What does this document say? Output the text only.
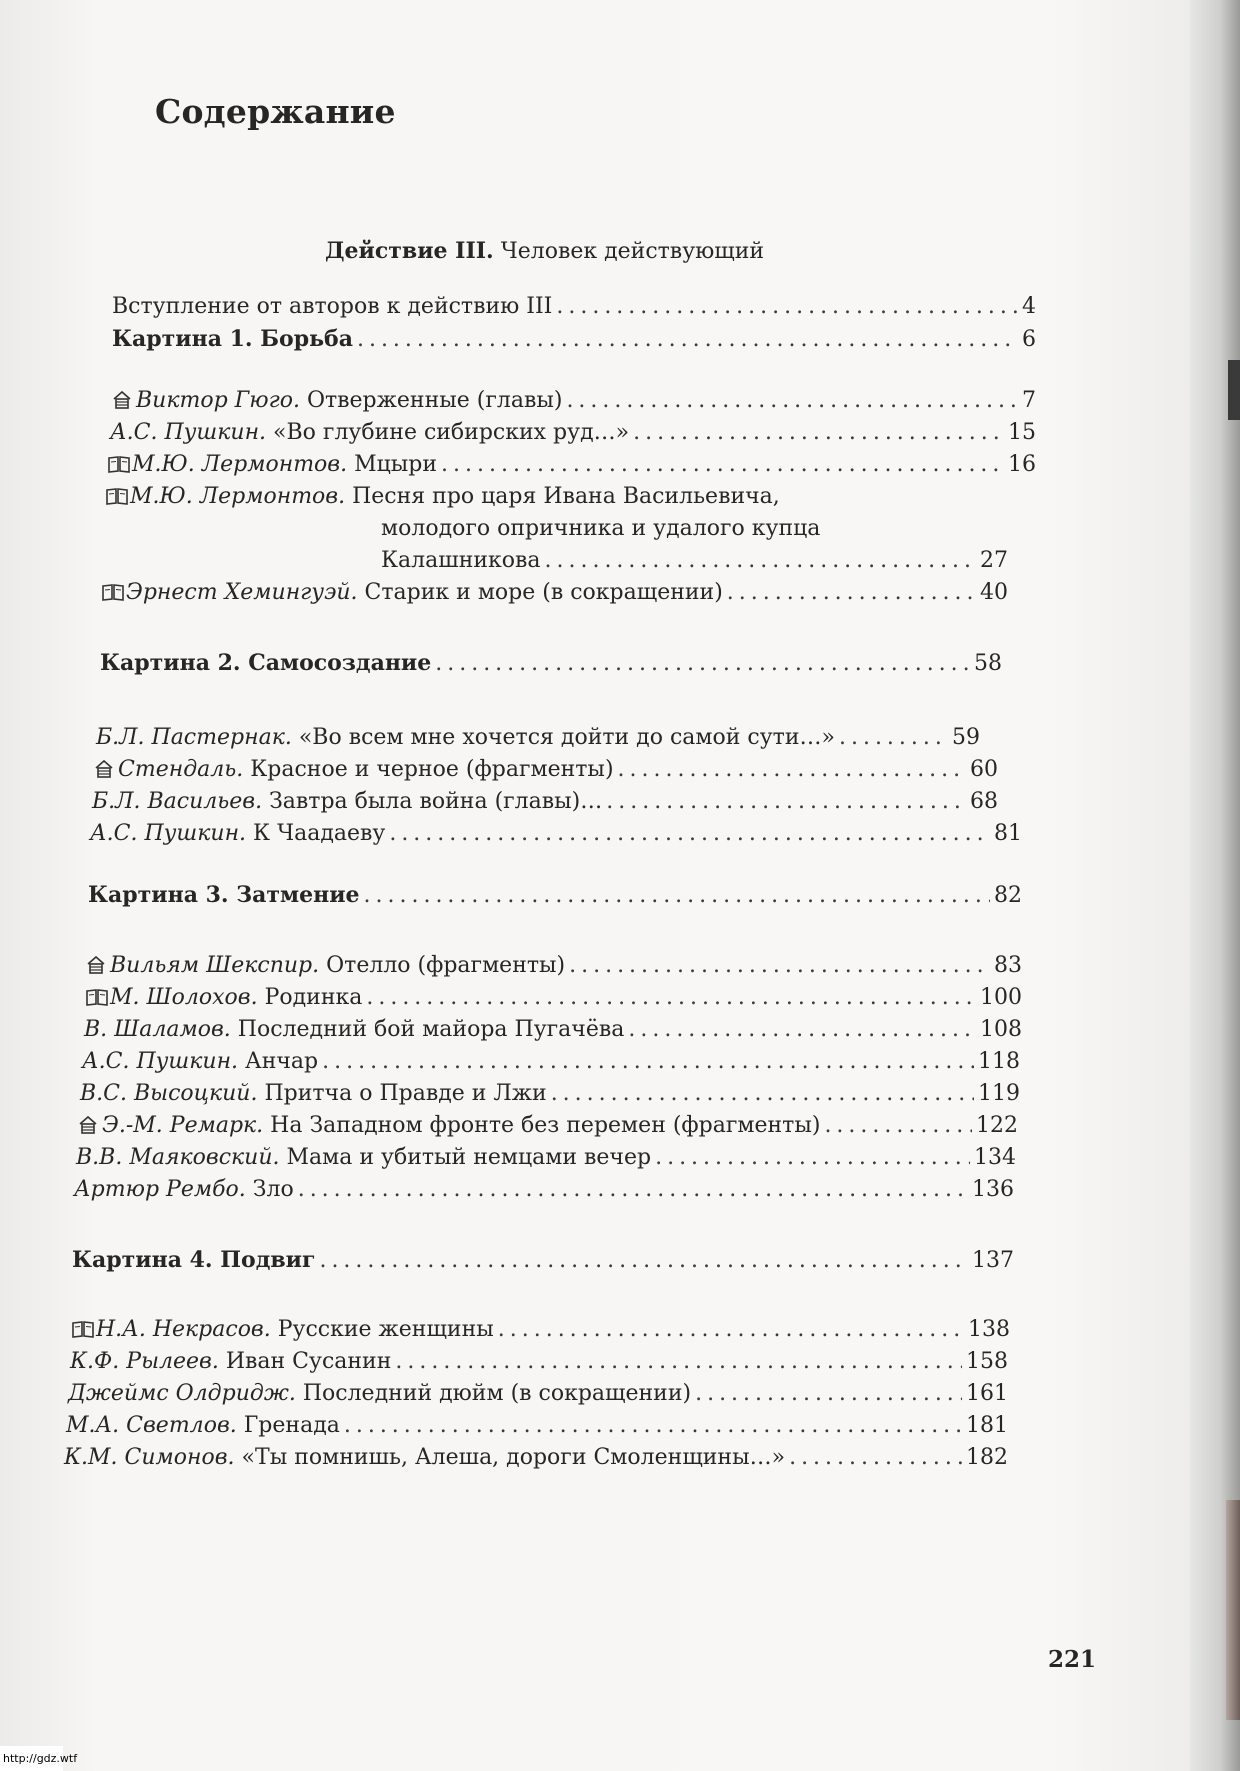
Содержание
Действие III. Человек действующий
Вступление от авторов к действию III . . .	4
Картина 1. Борьба . . .	6
Виктор Гюго. Отверженные (главы) . . .	7
А.С. Пушкин. «Во глубине сибирских руд…» . . .	15
М.Ю. Лермонтов. Мцыри . . .	16
М.Ю. Лермонтов. Песня про царя Ивана Васильевича,
молодого опричника и удалого купца
Калашникова . . .	27
Эрнест Хемингуэй. Старик и море (в сокращении) . . .	40
Картина 2. Самосоздание . . .	58
Б.Л. Пастернак. «Во всем мне хочется дойти до самой сути…» . . .	59
Стендаль. Красное и черное (фрагменты) . . .	60
Б.Л. Васильев. Завтра была война (главы)… . . .	68
А.С. Пушкин. К Чаадаеву . . .	81
Картина 3. Затмение . . .	82
Вильям Шекспир. Отелло (фрагменты) . . .	83
М. Шолохов. Родинка . . .	100
В. Шаламов. Последний бой майора Пугачёва . . .	108
А.С. Пушкин. Анчар . . .	118
В.С. Высоцкий. Притча о Правде и Лжи . . .	119
Э.-М. Ремарк. На Западном фронте без перемен (фрагменты) . . .	122
В.В. Маяковский. Мама и убитый немцами вечер . . .	134
Артюр Рембо. Зло . . .	136
Картина 4. Подвиг . . .	137
Н.А. Некрасов. Русские женщины . . .	138
К.Ф. Рылеев. Иван Сусанин . . .	158
Джеймс Олдридж. Последний дюйм (в сокращении) . . .	161
М.А. Светлов. Гренада . . .	181
К.М. Симонов. «Ты помнишь, Алеша, дороги Смоленщины…» . . .	182
221
http://gdz.wtf
